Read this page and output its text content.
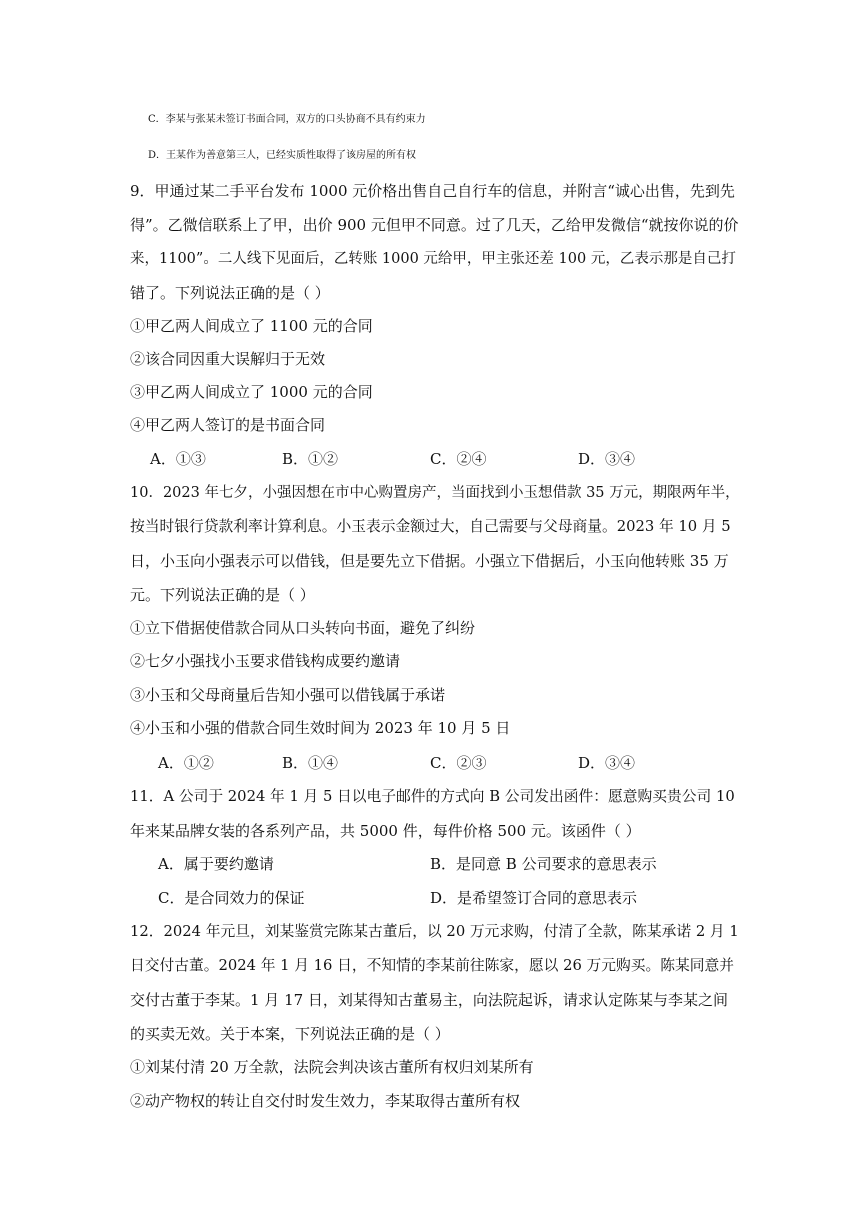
C．李某与张某未签订书面合同，双方的口头协商不具有约束力
D．王某作为善意第三人，已经实质性取得了该房屋的所有权
9．甲通过某二手平台发布 1000 元价格出售自己自行车的信息，并附言“诚心出售，先到先
得”。乙微信联系上了甲，出价 900 元但甲不同意。过了几天，乙给甲发微信“就按你说的价
来，1100”。二人线下见面后，乙转账 1000 元给甲，甲主张还差 100 元，乙表示那是自己打
错了。下列说法正确的是（ ）
①甲乙两人间成立了 1100 元的合同
②该合同因重大误解归于无效
③甲乙两人间成立了 1000 元的合同
④甲乙两人签订的是书面合同
A．①③	B．①②	C．②④	D．③④
10．2023 年七夕，小强因想在市中心购置房产，当面找到小玉想借款 35 万元，期限两年半，
按当时银行贷款利率计算利息。小玉表示金额过大，自己需要与父母商量。2023 年 10 月 5
日，小玉向小强表示可以借钱，但是要先立下借据。小强立下借据后，小玉向他转账 35 万
元。下列说法正确的是（ ）
①立下借据使借款合同从口头转向书面，避免了纠纷
②七夕小强找小玉要求借钱构成要约邀请
③小玉和父母商量后告知小强可以借钱属于承诺
④小玉和小强的借款合同生效时间为 2023 年 10 月 5 日
A．①②	B．①④	C．②③	D．③④
11．A 公司于 2024 年 1 月 5 日以电子邮件的方式向 B 公司发出函件：愿意购买贵公司 10
年来某品牌女装的各系列产品，共 5000 件，每件价格 500 元。该函件（ ）
A．属于要约邀请	B．是同意 B 公司要求的意思表示
C．是合同效力的保证	D．是希望签订合同的意思表示
12．2024 年元旦，刘某鉴赏完陈某古董后，以 20 万元求购，付清了全款，陈某承诺 2 月 1
日交付古董。2024 年 1 月 16 日，不知情的李某前往陈家，愿以 26 万元购买。陈某同意并
交付古董于李某。1 月 17 日，刘某得知古董易主，向法院起诉，请求认定陈某与李某之间
的买卖无效。关于本案，下列说法正确的是（ ）
①刘某付清 20 万全款，法院会判决该古董所有权归刘某所有
②动产物权的转让自交付时发生效力，李某取得古董所有权
